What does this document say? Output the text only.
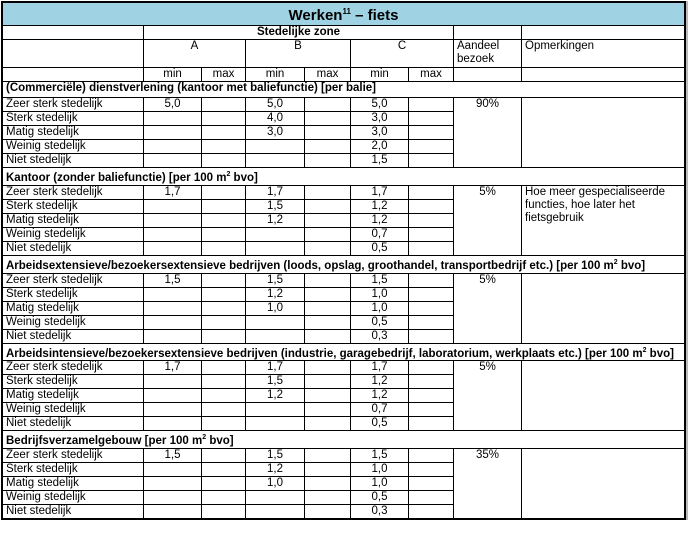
Werken$^{11}$ – fiets								
	Stedelijke zone							
	A		B		C		Aandeel bezoek	Opmerkingen
	min	max	min	max	min	max		
(Commerciële) dienstverlening (kantoor met baliefunctie) [per balie]								
Zeer sterk stedelijk	5,0		5,0		5,0		90%	
Sterk stedelijk			4,0		3,0			
Matig stedelijk			3,0		3,0			
Weinig stedelijk					2,0			
Niet stedelijk					1,5			
Kantoor (zonder baliefunctie) [per 100 $m^2$ bvo]								
Zeer sterk stedelijk	1,7		1,7		1,7		5%	Hoe meer gespecialiseerde functies, hoe later het fietsgebruik
Sterk stedelijk			1,5		1,2			
Matig stedelijk			1,2		1,2			
Weinig stedelijk					0,7			
Niet stedelijk					0,5			
Arbeidsextensieve/bezoekersextensieve bedrijven (loods, opslag, groothandel, transportbedrijf etc.) [per 100 $m^2$ bvo]								
Zeer sterk stedelijk	1,5		1,5		1,5		5%	
Sterk stedelijk			1,2		1,0			
Matig stedelijk			1,0		1,0			
Weinig stedelijk					0,5			
Niet stedelijk					0,3			
Arbeidsintensieve/bezoekersextensieve bedrijven (industrie, garagebedrijf, laboratorium, werkplaats etc.) [per 100 $m^2$ bvo]								
Zeer sterk stedelijk	1,7		1,7		1,7		5%	
Sterk stedelijk			1,5		1,2			
Matig stedelijk			1,2		1,2			
Weinig stedelijk					0,7			
Niet stedelijk					0,5			
Bedrijfsverzamelgebouw [per 100 $m^2$ bvo]								
Zeer sterk stedelijk	1,5		1,5		1,5		35%	
Sterk stedelijk			1,2		1,0			
Matig stedelijk			1,0		1,0			
Weinig stedelijk					0,5			
Niet stedelijk					0,3			
